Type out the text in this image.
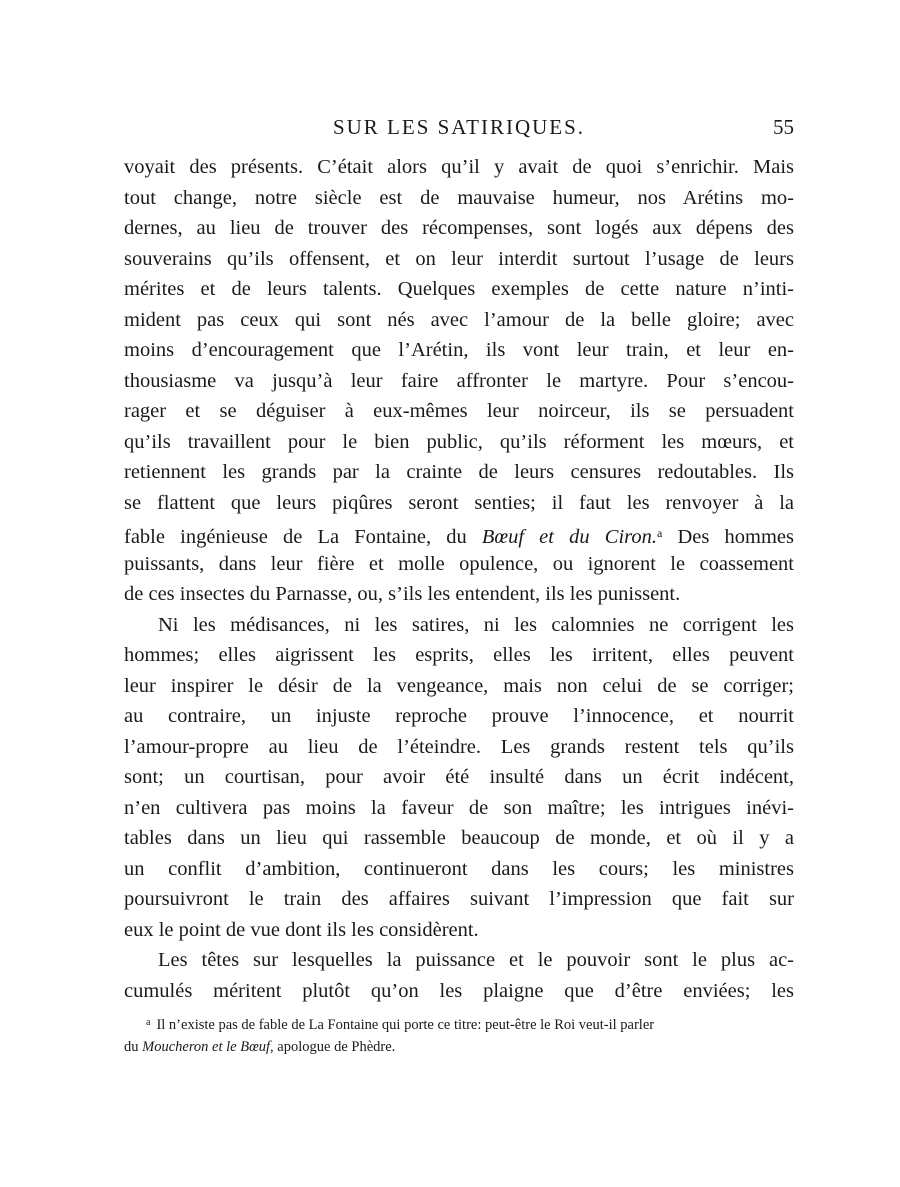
SUR LES SATIRIQUES.	55
voyait des présents. C’était alors qu’il y avait de quoi s’enrichir. Mais
tout change, notre siècle est de mauvaise humeur, nos Arétins mo-
dernes, au lieu de trouver des récompenses, sont logés aux dépens des
souverains qu’ils offensent, et on leur interdit surtout l’usage de leurs
mérites et de leurs talents. Quelques exemples de cette nature n’inti-
mident pas ceux qui sont nés avec l’amour de la belle gloire; avec
moins d’encouragement que l’Arétin, ils vont leur train, et leur en-
thousiasme va jusqu’à leur faire affronter le martyre. Pour s’encou-
rager et se déguiser à eux-mêmes leur noirceur, ils se persuadent
qu’ils travaillent pour le bien public, qu’ils réforment les mœurs, et
retiennent les grands par la crainte de leurs censures redoutables. Ils
se flattent que leurs piqûres seront senties; il faut les renvoyer à la
fable ingénieuse de La Fontaine, du Bœuf et du Ciron.$^a$ Des hommes
puissants, dans leur fière et molle opulence, ou ignorent le coassement
de ces insectes du Parnasse, ou, s’ils les entendent, ils les punissent.
Ni les médisances, ni les satires, ni les calomnies ne corrigent les
hommes; elles aigrissent les esprits, elles les irritent, elles peuvent
leur inspirer le désir de la vengeance, mais non celui de se corriger;
au contraire, un injuste reproche prouve l’innocence, et nourrit
l’amour-propre au lieu de l’éteindre. Les grands restent tels qu’ils
sont; un courtisan, pour avoir été insulté dans un écrit indécent,
n’en cultivera pas moins la faveur de son maître; les intrigues inévi-
tables dans un lieu qui rassemble beaucoup de monde, et où il y a
un conflit d’ambition, continueront dans les cours; les ministres
poursuivront le train des affaires suivant l’impression que fait sur
eux le point de vue dont ils les considèrent.
Les têtes sur lesquelles la puissance et le pouvoir sont le plus ac-
cumulés méritent plutôt qu’on les plaigne que d’être enviées; les
$^a$ Il n’existe pas de fable de La Fontaine qui porte ce titre: peut-être le Roi veut-il parler
du Moucheron et le Bœuf, apologue de Phèdre.
